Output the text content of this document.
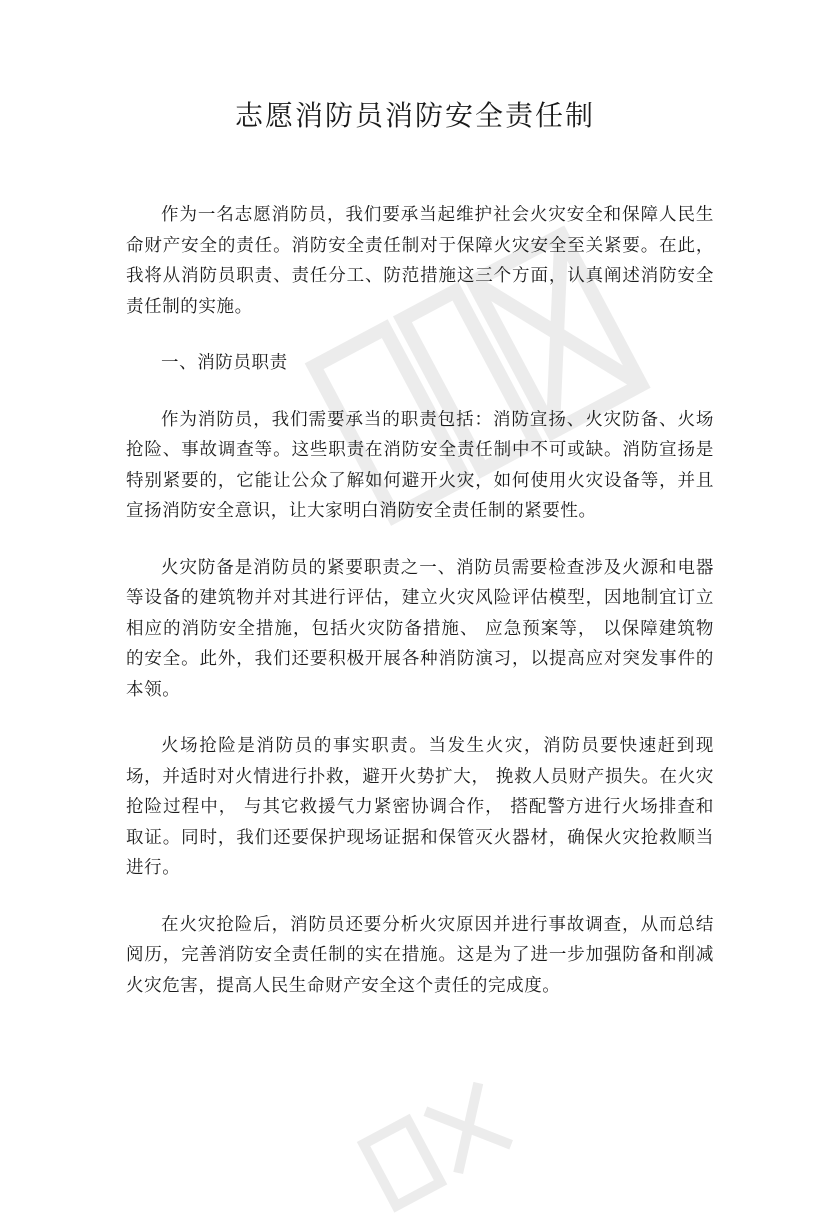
志愿消防员消防安全责任制

作为一名志愿消防员，我们要承当起维护社会火灾安全和保障人民生命财产安全的责任。消防安全责任制对于保障火灾安全至关紧要。在此，我将从消防员职责、责任分工、防范措施这三个方面，认真阐述消防安全责任制的实施。

一、消防员职责

作为消防员，我们需要承当的职责包括：消防宣扬、火灾防备、火场抢险、事故调查等。这些职责在消防安全责任制中不可或缺。消防宣扬是特别紧要的，它能让公众了解如何避开火灾，如何使用火灾设备等，并且宣扬消防安全意识，让大家明白消防安全责任制的紧要性。

火灾防备是消防员的紧要职责之一、消防员需要检查涉及火源和电器等设备的建筑物并对其进行评估，建立火灾风险评估模型，因地制宜订立相应的消防安全措施，包括火灾防备措施、 应急预案等， 以保障建筑物的安全。此外，我们还要积极开展各种消防演习，以提高应对突发事件的本领。

火场抢险是消防员的事实职责。当发生火灾，消防员要快速赶到现场，并适时对火情进行扑救，避开火势扩大， 挽救人员财产损失。在火灾抢险过程中， 与其它救援气力紧密协调合作， 搭配警方进行火场排查和取证。同时，我们还要保护现场证据和保管灭火器材，确保火灾抢救顺当进行。

在火灾抢险后，消防员还要分析火灾原因并进行事故调查，从而总结阅历，完善消防安全责任制的实在措施。这是为了进一步加强防备和削减火灾危害，提高人民生命财产安全这个责任的完成度。
